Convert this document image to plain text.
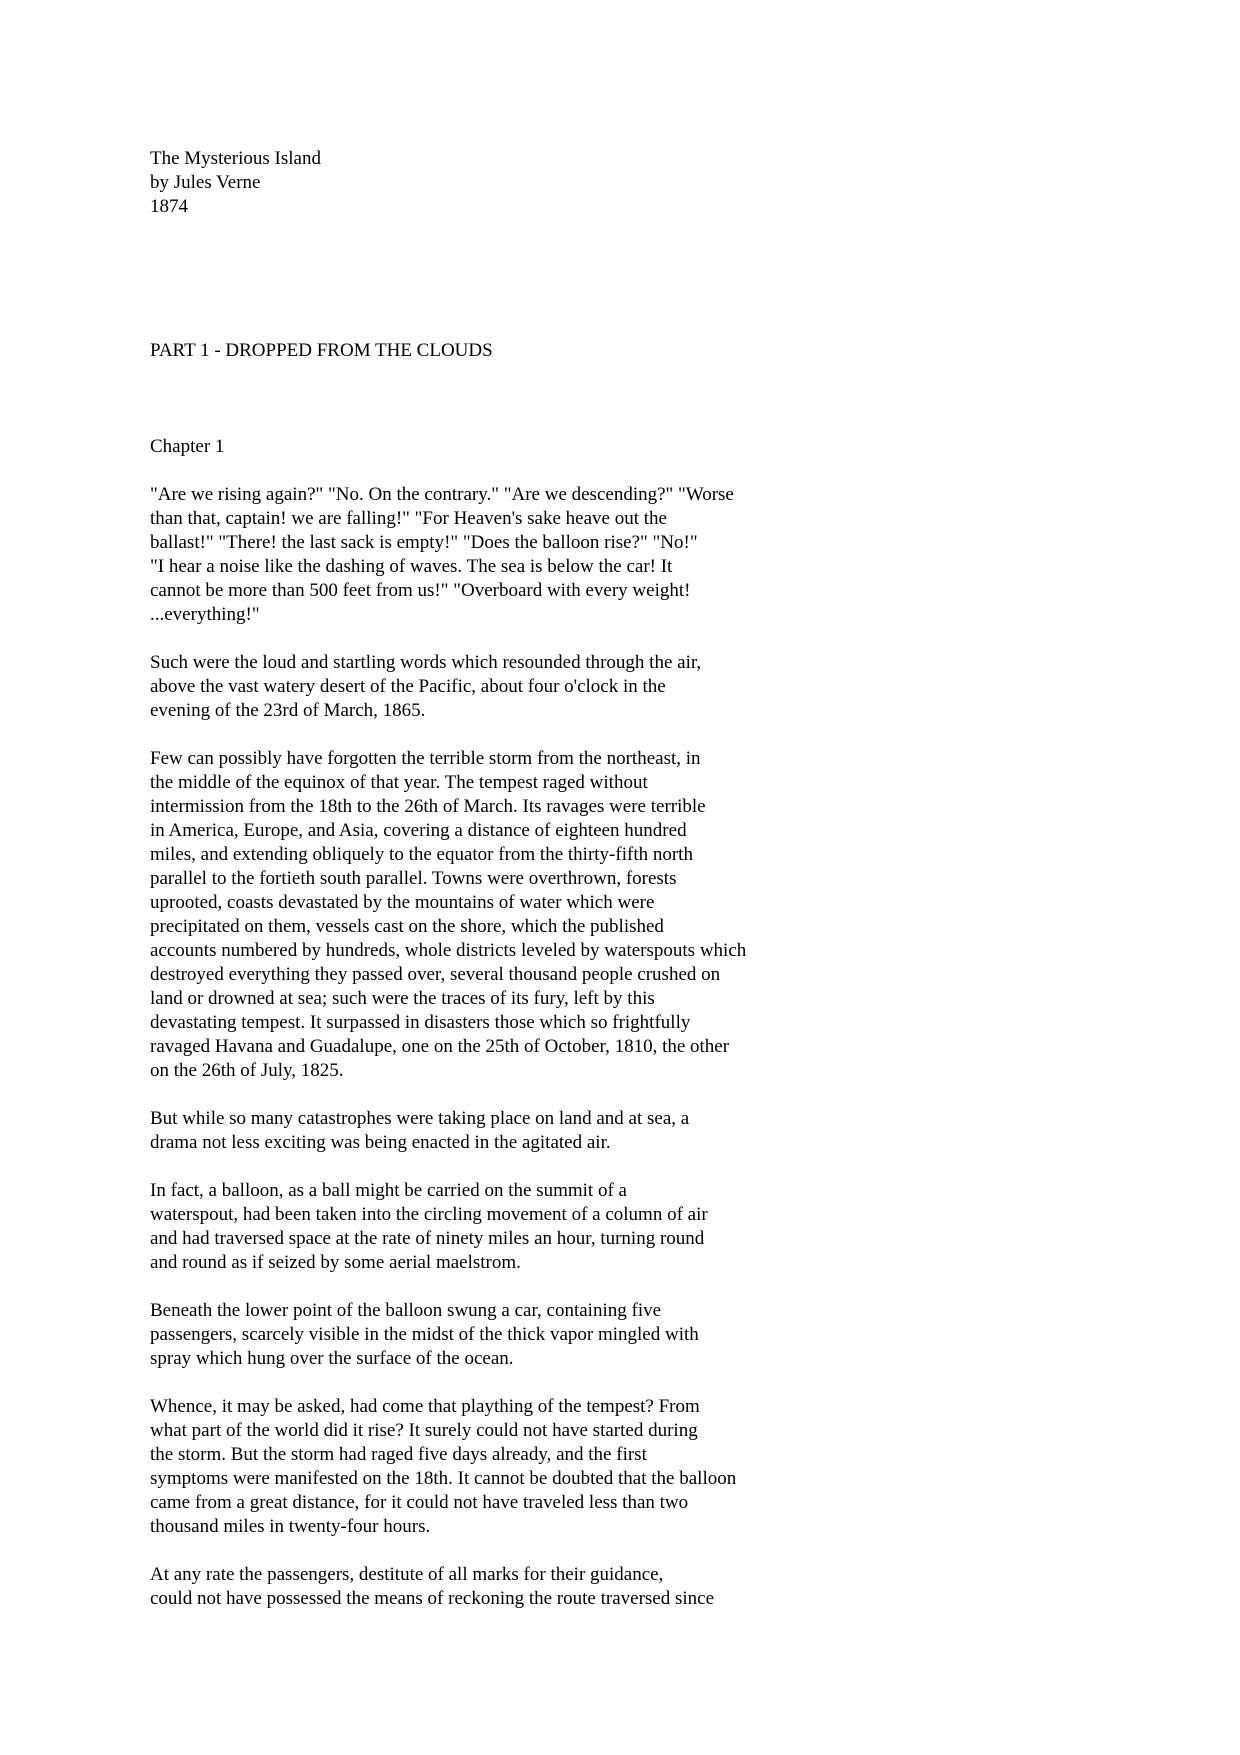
The Mysterious Island
by Jules Verne
1874
PART 1 - DROPPED FROM THE CLOUDS
Chapter 1
"Are we rising again?" "No. On the contrary." "Are we descending?" "Worse
than that, captain! we are falling!" "For Heaven's sake heave out the
ballast!" "There! the last sack is empty!" "Does the balloon rise?" "No!"
"I hear a noise like the dashing of waves. The sea is below the car! It
cannot be more than 500 feet from us!" "Overboard with every weight!
...everything!"
Such were the loud and startling words which resounded through the air,
above the vast watery desert of the Pacific, about four o'clock in the
evening of the 23rd of March, 1865.
Few can possibly have forgotten the terrible storm from the northeast, in
the middle of the equinox of that year. The tempest raged without
intermission from the 18th to the 26th of March. Its ravages were terrible
in America, Europe, and Asia, covering a distance of eighteen hundred
miles, and extending obliquely to the equator from the thirty-fifth north
parallel to the fortieth south parallel. Towns were overthrown, forests
uprooted, coasts devastated by the mountains of water which were
precipitated on them, vessels cast on the shore, which the published
accounts numbered by hundreds, whole districts leveled by waterspouts which
destroyed everything they passed over, several thousand people crushed on
land or drowned at sea; such were the traces of its fury, left by this
devastating tempest. It surpassed in disasters those which so frightfully
ravaged Havana and Guadalupe, one on the 25th of October, 1810, the other
on the 26th of July, 1825.
But while so many catastrophes were taking place on land and at sea, a
drama not less exciting was being enacted in the agitated air.
In fact, a balloon, as a ball might be carried on the summit of a
waterspout, had been taken into the circling movement of a column of air
and had traversed space at the rate of ninety miles an hour, turning round
and round as if seized by some aerial maelstrom.
Beneath the lower point of the balloon swung a car, containing five
passengers, scarcely visible in the midst of the thick vapor mingled with
spray which hung over the surface of the ocean.
Whence, it may be asked, had come that plaything of the tempest? From
what part of the world did it rise? It surely could not have started during
the storm. But the storm had raged five days already, and the first
symptoms were manifested on the 18th. It cannot be doubted that the balloon
came from a great distance, for it could not have traveled less than two
thousand miles in twenty-four hours.
At any rate the passengers, destitute of all marks for their guidance,
could not have possessed the means of reckoning the route traversed since
